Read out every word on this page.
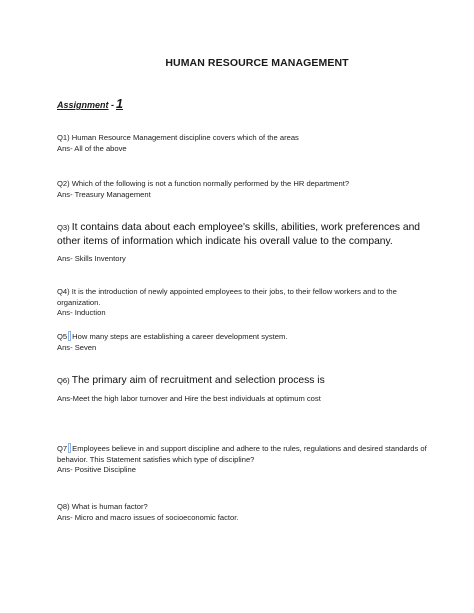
HUMAN RESOURCE MANAGEMENT
Assignment - 1

Q1) Human Resource Management discipline covers which of the areas

Ans- All of the above

Q2) Which of the following is not a function normally performed by the HR department?

Ans- Treasury Management

Q3) It contains data about each employee's skills, abilities, work preferences and other items of information which indicate his overall value to the company.

Ans- Skills Inventory

Q4) It is the introduction of newly appointed employees to their jobs, to their fellow workers and to the organization.

Ans- Induction

Q5 How many steps are establishing a career development system.

Ans- Seven

Q6) The primary aim of recruitment and selection process is

Ans-Meet the high labor turnover and Hire the best individuals at optimum cost

Q7 Employees believe in and support discipline and adhere to the rules, regulations and desired standards of behavior. This Statement satisfies which type of discipline?

Ans- Positive Discipline

Q8) What is human factor?

Ans- Micro and macro issues of socioeconomic factor.
